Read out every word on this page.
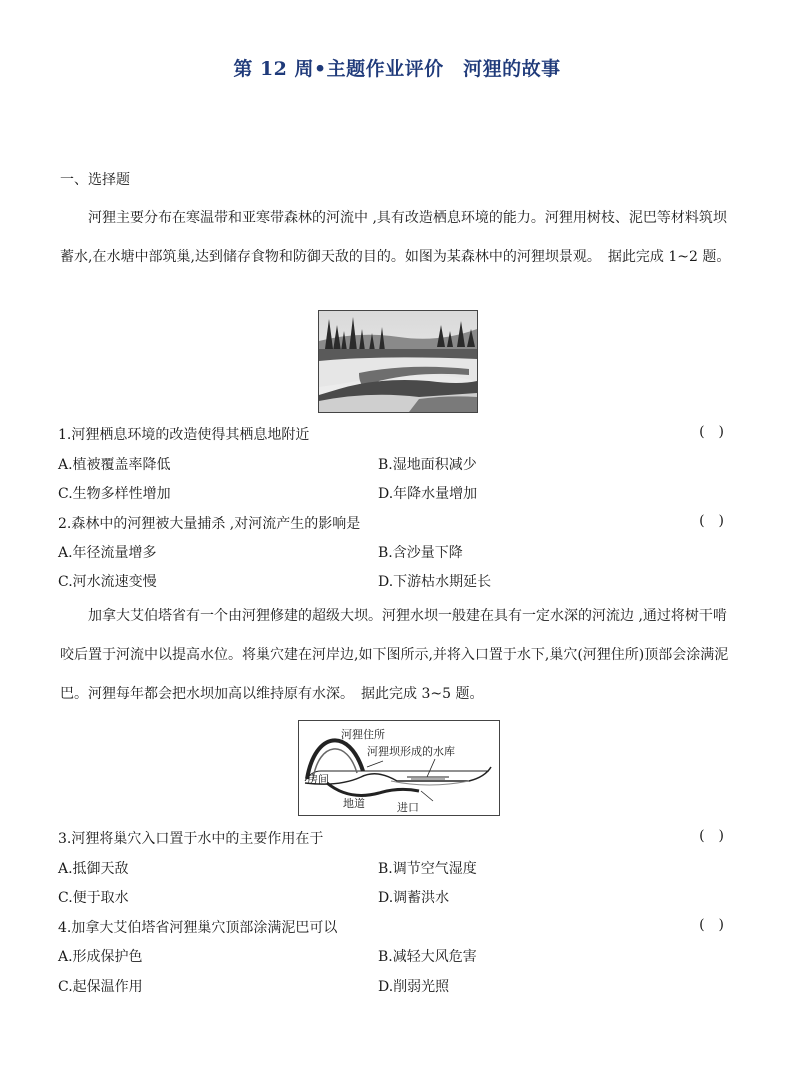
第 12 周•主题作业评价　河狸的故事
一、选择题
河狸主要分布在寒温带和亚寒带森林的河流中 ,具有改造栖息环境的能力。河狸用树枝、泥巴等材料筑坝蓄水,在水塘中部筑巢,达到储存食物和防御天敌的目的。如图为某森林中的河狸坝景观。　据此完成 1~2 题。
1.河狸栖息环境的改造使得其栖息地附近	()
A.植被覆盖率降低	B.湿地面积减少
C.生物多样性增加	D.年降水量增加
2.森林中的河狸被大量捕杀 ,对河流产生的影响是	()
A.年径流量增多	B.含沙量下降
C.河水流速变慢	D.下游枯水期延长
加拿大艾伯塔省有一个由河狸修建的超级大坝。河狸水坝一般建在具有一定水深的河流边 ,通过将树干啃咬后置于河流中以提高水位。将巢穴建在河岸边,如下图所示,并将入口置于水下,巢穴(河狸住所)顶部会涂满泥巴。河狸每年都会把水坝加高以维持原有水深。　据此完成 3~5 题。
河狸住所
河狸坝形成的水库
房间
地道	进口
3.河狸将巢穴入口置于水中的主要作用在于	()
A.抵御天敌	B.调节空气湿度
C.便于取水	D.调蓄洪水
4.加拿大艾伯塔省河狸巢穴顶部涂满泥巴可以	()
A.形成保护色	B.减轻大风危害
C.起保温作用	D.削弱光照
